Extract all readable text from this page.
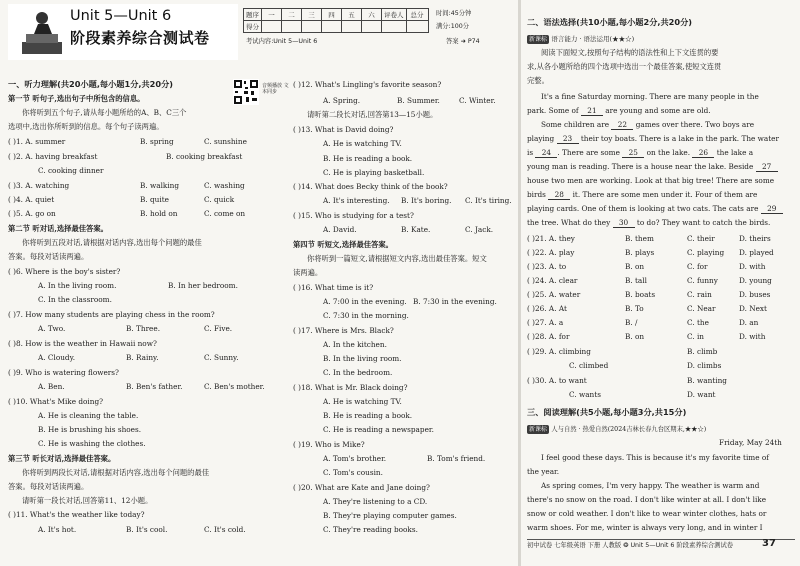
Unit 5—Unit 6
阶段素养综合测试卷
题序	一	二	三	四	五	六	评卷人	总分
得分								
时间:45分钟
满分:100分
考试内容:Unit 5—Unit 6	答案 ➜ P74
一、听力理解(共20小题,每小题1分,共20分)
第一节 听句子,选出句子中所包含的信息。
你将听到五个句子,请从每小题所给的A、B、C三个
选项中,选出你所听到的信息。每个句子读两遍。
( )1. A. summer	B. spring	C. sunshine
( )2. A. having breakfast	B. cooking breakfast
C. cooking dinner
( )3. A. watching	B. walking	C. washing
( )4. A. quiet	B. quite	C. quick
( )5. A. go on	B. hold on	C. come on
第二节 听对话,选择最佳答案。
你将听到五段对话,请根据对话内容,选出每个问题的最佳
答案。每段对话读两遍。
( )6. Where is the boy's sister?
A. In the living room.	B. In her bedroom.
C. In the classroom.
( )7. How many students are playing chess in the room?
A. Two.	B. Three.	C. Five.
( )8. How is the weather in Hawaii now?
A. Cloudy.	B. Rainy.	C. Sunny.
( )9. Who is watering flowers?
A. Ben.	B. Ben's father.	C. Ben's mother.
( )10. What's Mike doing?
A. He is cleaning the table.
B. He is brushing his shoes.
C. He is washing the clothes.
第三节 听长对话,选择最佳答案。
你将听到两段长对话,请根据对话内容,选出每个问题的最佳
答案。每段对话读两遍。
请听第一段长对话,回答第11、12小题。
( )11. What's the weather like today?
A. It's hot.	B. It's cool.	C. It's cold.
音频播放 文本同步
( )12. What's Lingling's favorite season?
A. Spring.	B. Summer.	C. Winter.
请听第二段长对话,回答第13—15小题。
( )13. What is David doing?
A. He is watching TV.
B. He is reading a book.
C. He is playing basketball.
( )14. What does Becky think of the book?
A. It's interesting. B. It's boring. C. It's tiring.
( )15. Who is studying for a test?
A. David.	B. Kate.	C. Jack.
第四节 听短文,选择最佳答案。
你将听到一篇短文,请根据短文内容,选出最佳答案。短文
读两遍。
( )16. What time is it?
A. 7:00 in the evening. B. 7:30 in the evening.
C. 7:30 in the morning.
( )17. Where is Mrs. Black?
A. In the kitchen.
B. In the living room.
C. In the bedroom.
( )18. What is Mr. Black doing?
A. He is watching TV.
B. He is reading a book.
C. He is reading a newspaper.
( )19. Who is Mike?
A. Tom's brother.	B. Tom's friend.
C. Tom's cousin.
( )20. What are Kate and Jane doing?
A. They're listening to a CD.
B. They're playing computer games.
C. They're reading books.
二、语法选择(共10小题,每小题2分,共20分)
新课标 语言能力 · 语法运用(★★☆)
阅读下面短文,按照句子结构的语法性和上下文连贯的要
求,从各小题所给的四个选项中选出一个最佳答案,使短文连贯
完整。
It's a fine Saturday morning. There are many people in the
park. Some of 21 are young and some are old.
Some children are 22 games over there. Two boys are
playing 23 their toy boats. There is a lake in the park. The water
is 24 . There are some 25 on the lake. 26 the lake a
young man is reading. There is a house near the lake. Beside 27
house two men are working. Look at that big tree! There are some
birds 28 it. There are some men under it. Four of them are
playing cards. One of them is looking at two cats. The cats are 29
the tree. What do they 30 to do? They want to catch the birds.
( )21. A. they	B. them	C. their	D. theirs
( )22. A. play	B. plays	C. playing D. played
( )23. A. to	B. on	C. for	D. with
( )24. A. clear	B. tall	C. funny	D. young
( )25. A. water	B. boats	C. rain	D. buses
( )26. A. At	B. To	C. Near	D. Next
( )27. A. a	B. /	C. the	D. an
( )28. A. for	B. on	C. in	D. with
( )29. A. climbing	B. climb
C. climbed	D. climbs
( )30. A. to want	B. wanting
C. wants	D. want
三、阅读理解(共5小题,每小题3分,共15分)
新课标 人与自然 · 热爱自然(2024吉林长春九台区期末,★★☆)
Friday, May 24th
I feel good these days. This is because it's my favorite time of
the year.
As spring comes, I'm very happy. The weather is warm and
there's no snow on the road. I don't like winter at all. I don't like
snow or cold weather. I don't like to wear winter clothes, hats or
warm shoes. For me, winter is always very long, and in winter I
初中试卷 七年级英语 下册 人教版 ❂ Unit 5—Unit 6 阶段素养综合测试卷	37
